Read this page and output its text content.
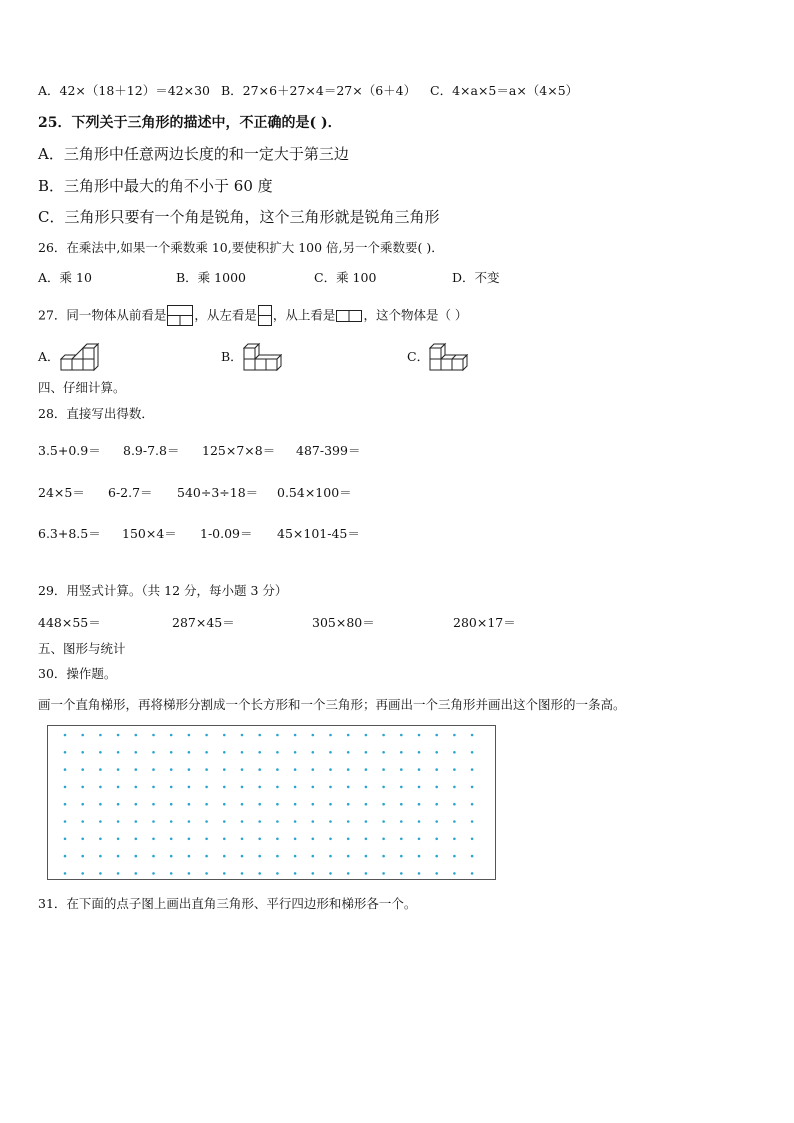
A．42×（18＋12）＝42×30 B．27×6＋27×4＝27×（6＋4） C．4×a×5＝a×（4×5）
25．下列关于三角形的描述中，不正确的是( )．
A．三角形中任意两边长度的和一定大于第三边
B．三角形中最大的角不小于 60 度
C．三角形只要有一个角是锐角，这个三角形就是锐角三角形
26．在乘法中,如果一个乘数乘 10,要使积扩大 100 倍,另一个乘数要( )．
A．乘 10	B．乘 1000	C．乘 100	D．不变
27．同一物体从前看是 ，从左看是 ，从上看是 ，这个物体是（ ）
A．	B．	C．
四、仔细计算。
28．直接写出得数．
3.5+0.9＝ 8.9-7.8＝ 125×7×8＝ 487-399＝
24×5＝ 6-2.7＝ 540÷3÷18＝ 0.54×100＝
6.3+8.5＝ 150×4＝ 1-0.09＝ 45×101-45＝
29．用竖式计算。（共 12 分，每小题 3 分）
448×55＝	287×45＝	305×80＝	280×17＝
五、图形与统计
30．操作题。
画一个直角梯形，再将梯形分割成一个长方形和一个三角形；再画出一个三角形并画出这个图形的一条高。
31．在下面的点子图上画出直角三角形、平行四边形和梯形各一个。
